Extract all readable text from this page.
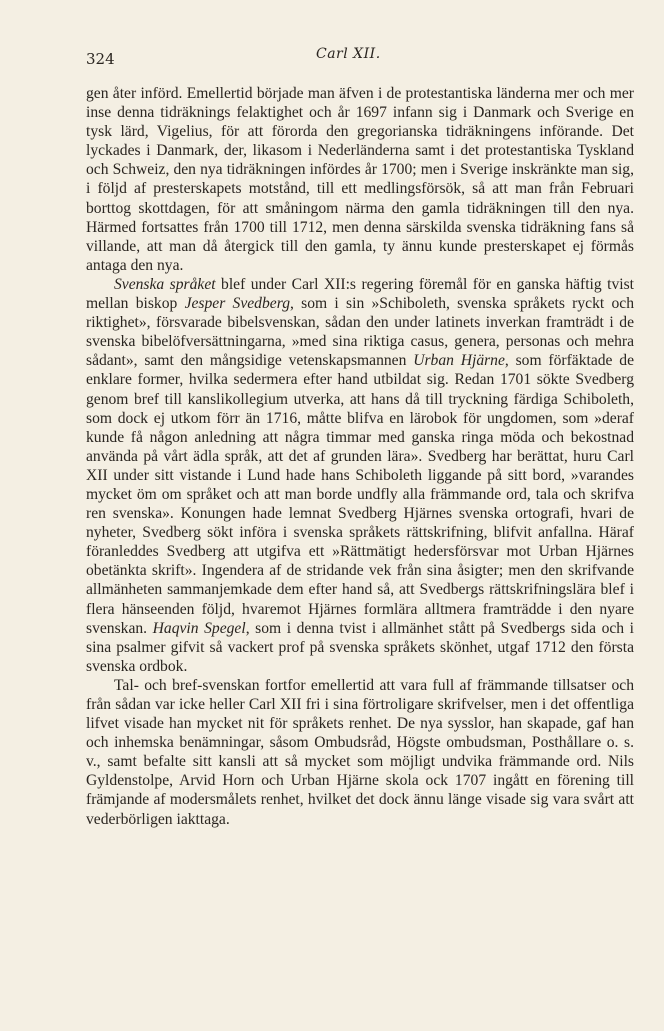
324	Carl XII.

gen åter införd. Emellertid började man äfven i de protestantiska länderna mer och mer inse denna tidräknings felaktighet och år 1697 infann sig i Danmark och Sverige en tysk lärd, Vigelius, för att förorda den gregorianska tidräkningens införande. Det lyckades i Danmark, der, likasom i Nederländerna samt i det protestantiska Tyskland och Schweiz, den nya tidräkningen infördes år 1700; men i Sverige inskränkte man sig, i följd af presterskapets motstånd, till ett medlingsförsök, så att man från Februari borttog skottdagen, för att småningom närma den gamla tidräkningen till den nya. Härmed fortsattes från 1700 till 1712, men denna särskilda svenska tidräkning fans så villande, att man då återgick till den gamla, ty ännu kunde presterskapet ej förmås antaga den nya.

Svenska språket blef under Carl XII:s regering föremål för en ganska häftig tvist mellan biskop Jesper Svedberg, som i sin »Schiboleth, svenska språkets ryckt och riktighet», försvarade bibelsvenskan, sådan den under latinets inverkan framträdt i de svenska bibelöfversättningarna, »med sina riktiga casus, genera, personas och mehra sådant», samt den mångsidige vetenskapsmannen Urban Hjärne, som förfäktade de enklare former, hvilka sedermera efter hand utbildat sig. Redan 1701 sökte Svedberg genom bref till kanslikollegium utverka, att hans då till tryckning färdiga Schiboleth, som dock ej utkom förr än 1716, måtte blifva en lärobok för ungdomen, som »deraf kunde få någon anledning att några timmar med ganska ringa möda och bekostnad använda på vårt ädla språk, att det af grunden lära». Svedberg har berättat, huru Carl XII under sitt vistande i Lund hade hans Schiboleth liggande på sitt bord, »varandes mycket öm om språket och att man borde undfly alla främmande ord, tala och skrifva ren svenska». Konungen hade lemnat Svedberg Hjärnes svenska ortografi, hvari de nyheter, Svedberg sökt införa i svenska språkets rättskrifning, blifvit anfallna. Häraf föranleddes Svedberg att utgifva ett »Rättmätigt hedersförsvar mot Urban Hjärnes obetänkta skrift». Ingendera af de stridande vek från sina åsigter; men den skrifvande allmänheten sammanjemkade dem efter hand så, att Svedbergs rättskrifningslära blef i flera hänseenden följd, hvaremot Hjärnes formlära alltmera framträdde i den nyare svenskan. Haqvin Spegel, som i denna tvist i allmänhet stått på Svedbergs sida och i sina psalmer gifvit så vackert prof på svenska språkets skönhet, utgaf 1712 den första svenska ordbok.

Tal- och bref-svenskan fortfor emellertid att vara full af främmande tillsatser och från sådan var icke heller Carl XII fri i sina förtroligare skrifvelser, men i det offentliga lifvet visade han mycket nit för språkets renhet. De nya sysslor, han skapade, gaf han och inhemska benämningar, såsom Ombudsråd, Högste ombudsman, Posthållare o. s. v., samt befalte sitt kansli att så mycket som möjligt undvika främmande ord. Nils Gyldenstolpe, Arvid Horn och Urban Hjärne skola ock 1707 ingått en förening till främjande af modersmålets renhet, hvilket det dock ännu länge visade sig vara svårt att vederbörligen iakttaga.
